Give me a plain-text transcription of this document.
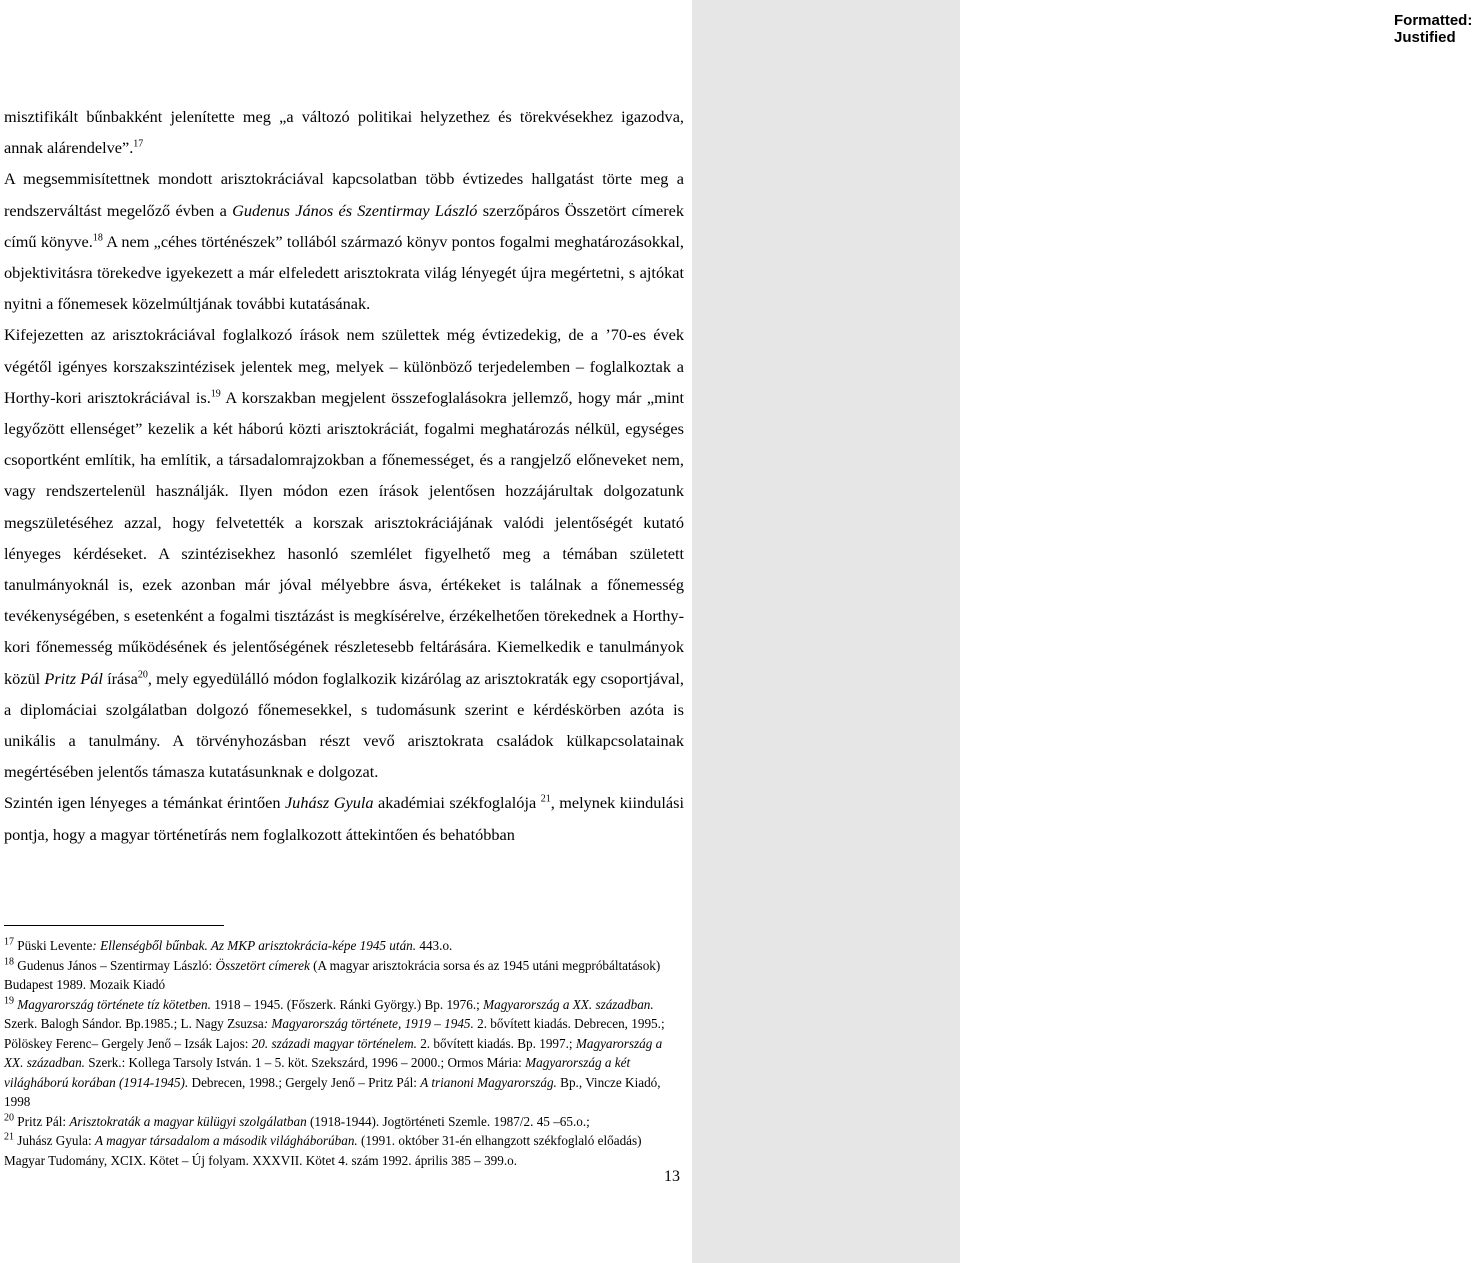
Formatted: Justified

misztifikált bűnbakként jelenítette meg „a változó politikai helyzethez és törekvésekhez igazodva, annak alárendelve”.$^{17}$

A megsemmisítettnek mondott arisztokráciával kapcsolatban több évtizedes hallgatást törte meg a rendszerváltást megelőző évben a Gudenus János és Szentirmay László szerzőpáros Összetört címerek című könyve.$^{18}$ A nem „céhes történészek” tollából származó könyv pontos fogalmi meghatározásokkal, objektivitásra törekedve igyekezett a már elfeledett arisztokrata világ lényegét újra megértetni, s ajtókat nyitni a főnemesek közelmúltjának további kutatásának.

Kifejezetten az arisztokráciával foglalkozó írások nem születtek még évtizedekig, de a ’70-es évek végétől igényes korszakszintézisek jelentek meg, melyek – különböző terjedelemben – foglalkoztak a Horthy-kori arisztokráciával is.$^{19}$ A korszakban megjelent összefoglalásokra jellemző, hogy már „mint legyőzött ellenséget” kezelik a két háború közti arisztokráciát, fogalmi meghatározás nélkül, egységes csoportként említik, ha említik, a társadalomrajzokban a főnemességet, és a rangjelző előneveket nem, vagy rendszertelenül használják. Ilyen módon ezen írások jelentősen hozzájárultak dolgozatunk megszületéséhez azzal, hogy felvetették a korszak arisztokráciájának valódi jelentőségét kutató lényeges kérdéseket. A szintézisekhez hasonló szemlélet figyelhető meg a témában született tanulmányoknál is, ezek azonban már jóval mélyebbre ásva, értékeket is találnak a főnemesség tevékenységében, s esetenként a fogalmi tisztázást is megkísérelve, érzékelhetően törekednek a Horthy-kori főnemesség működésének és jelentőségének részletesebb feltárására. Kiemelkedik e tanulmányok közül Pritz Pál írása$^{20}$, mely egyedülálló módon foglalkozik kizárólag az arisztokraták egy csoportjával, a diplomáciai szolgálatban dolgozó főnemesekkel, s tudomásunk szerint e kérdéskörben azóta is unikális a tanulmány. A törvényhozásban részt vevő arisztokrata családok külkapcsolatainak megértésében jelentős támasza kutatásunknak e dolgozat.

Szintén igen lényeges a témánkat érintően Juhász Gyula akadémiai székfoglalója $^{21}$, melynek kiindulási pontja, hogy a magyar történetírás nem foglalkozott áttekintően és behatóbban

$^{17}$ Püski Levente: Ellenségből bűnbak. Az MKP arisztokrácia-képe 1945 után. 443.o.

$^{18}$ Gudenus János – Szentirmay László: Összetört címerek (A magyar arisztokrácia sorsa és az 1945 utáni megpróbáltatások) Budapest 1989. Mozaik Kiadó

$^{19}$ Magyarország története tíz kötetben. 1918 – 1945. (Főszerk. Ránki György.) Bp. 1976.; Magyarország a XX. században. Szerk. Balogh Sándor. Bp.1985.; L. Nagy Zsuzsa: Magyarország története, 1919 – 1945. 2. bővített kiadás. Debrecen, 1995.; Pölöskey Ferenc– Gergely Jenő – Izsák Lajos: 20. századi magyar történelem. 2. bővített kiadás. Bp. 1997.; Magyarország a XX. században. Szerk.: Kollega Tarsoly István. 1 – 5. köt. Szekszárd, 1996 – 2000.; Ormos Mária: Magyarország a két világháború korában (1914-1945). Debrecen, 1998.; Gergely Jenő – Pritz Pál: A trianoni Magyarország. Bp., Vincze Kiadó, 1998

$^{20}$ Pritz Pál: Arisztokraták a magyar külügyi szolgálatban (1918-1944). Jogtörténeti Szemle. 1987/2. 45 –65.o.;

$^{21}$ Juhász Gyula: A magyar társadalom a második világháborúban. (1991. október 31-én elhangzott székfoglaló előadás) Magyar Tudomány, XCIX. Kötet – Új folyam. XXXVII. Kötet 4. szám 1992. április 385 – 399.o.

13
